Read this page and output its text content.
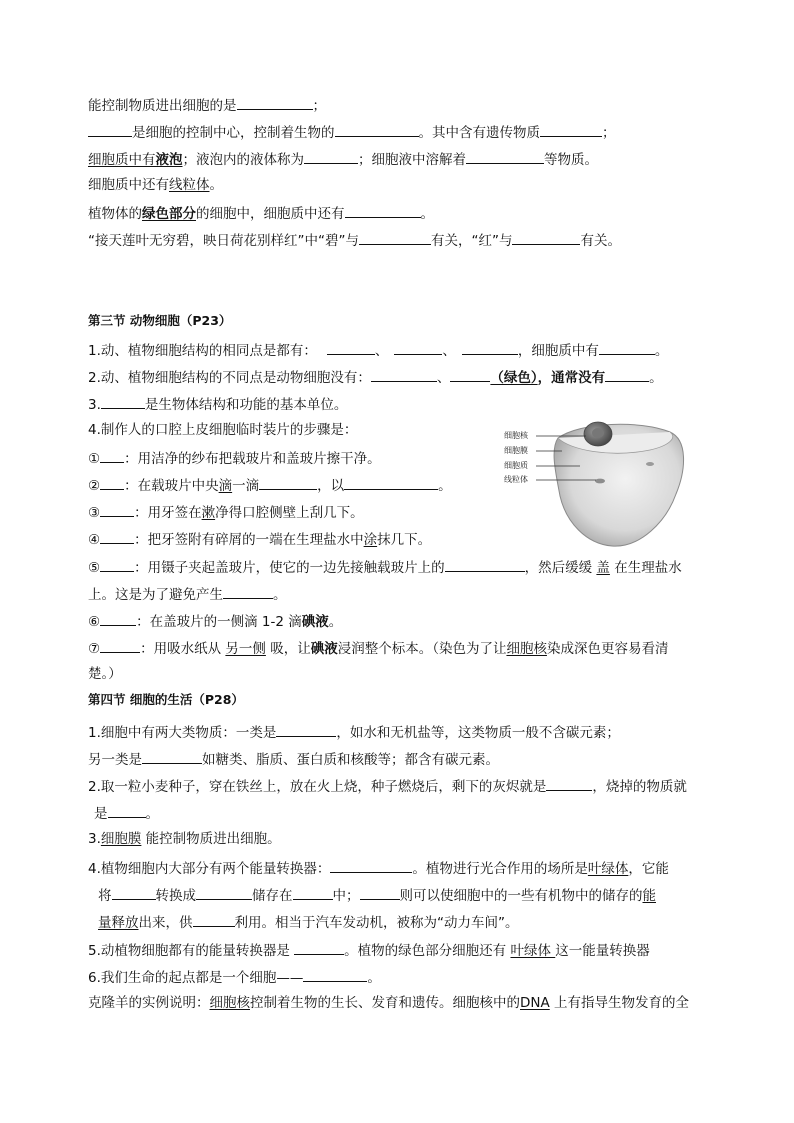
能控制物质进出细胞的是	；
是细胞的控制中心，控制着生物的	。其中含有遗传物质	；
细胞质中有液泡；液泡内的液体称为	；细胞液中溶解着	等物质。
细胞质中还有线粒体。
植物体的绿色部分的细胞中，细胞质中还有	。
“接天莲叶无穷碧，映日荷花别样红”中“碧”与	有关，“红”与	有关。
第三节 动物细胞（P23）
1.动、植物细胞结构的相同点是都有：	、	、	，细胞质中有	。
2.动、植物细胞结构的不同点是动物细胞没有：	、	（绿色），通常没有	。
3.	是生物体结构和功能的基本单位。
4.制作人的口腔上皮细胞临时装片的步骤是：
① ：用洁净的纱布把载玻片和盖玻片擦干净。
② ：在载玻片中央滴一滴	，以	。
③	：用牙签在漱净得口腔侧壁上刮几下。
④	：把牙签附有碎屑的一端在生理盐水中涂抹几下。
⑤	：用镊子夹起盖玻片，使它的一边先接触载玻片上的	，然后缓缓 盖 在生理盐水
上。这是为了避免产生	。
⑥	：在盖玻片的一侧滴 1-2 滴碘液。
⑦	：用吸水纸从 另一侧 吸，让碘液浸润整个标本。（染色为了让细胞核染成深色更容易看清
楚。）
细胞核
细胞膜
细胞质
线粒体
第四节 细胞的生活（P28）
1.细胞中有两大类物质：一类是	，如水和无机盐等，这类物质一般不含碳元素；
另一类是	如糖类、脂质、蛋白质和核酸等；都含有碳元素。
2.取一粒小麦种子，穿在铁丝上，放在火上烧，种子燃烧后，剩下的灰烬就是	，烧掉的物质就
是	。
3.细胞膜 能控制物质进出细胞。
4.植物细胞内大部分有两个能量转换器：	。植物进行光合作用的场所是叶绿体，它能
将	转换成	储存在	中；	则可以使细胞中的一些有机物中的储存的能
量释放出来，供	利用。相当于汽车发动机，被称为“动力车间”。
5.动植物细胞都有的能量转换器是	。植物的绿色部分细胞还有 叶绿体 这一能量转换器
6.我们生命的起点都是一个细胞——	。
克隆羊的实例说明：细胞核控制着生物的生长、发育和遗传。细胞核中的DNA 上有指导生物发育的全
